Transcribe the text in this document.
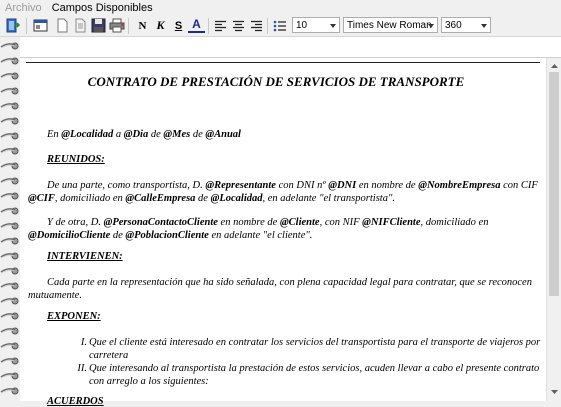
Archivo Campos Disponibles
N K S A	10	Times New Roman	360

CONTRATO DE PRESTACIÓN DE SERVICIOS DE TRANSPORTE

En @Localidad a @Dia de @Mes de @Anual

REUNIDOS:

De una parte, como transportista, D. @Representante con DNI nº @DNI en nombre de @NombreEmpresa con CIF @CIF, domiciliado en @CalleEmpresa de @Localidad, en adelante "el transportista".

Y de otra, D. @PersonaContactoCliente en nombre de @Cliente, con NIF @NIFCliente, domiciliado en @DomicilioCliente de @PoblacionCliente en adelante "el cliente".

INTERVIENEN:

Cada parte en la representación que ha sido señalada, con plena capacidad legal para contratar, que se reconocen

mutuamente.

EXPONEN:

I. Que el cliente está interesado en contratar los servicios del transportista para el transporte de viajeros por

carretera

II. Que interesando al transportista la prestación de estos servicios, acuden llevar a cabo el presente contrato

con arreglo a los siguientes:

ACUERDOS
